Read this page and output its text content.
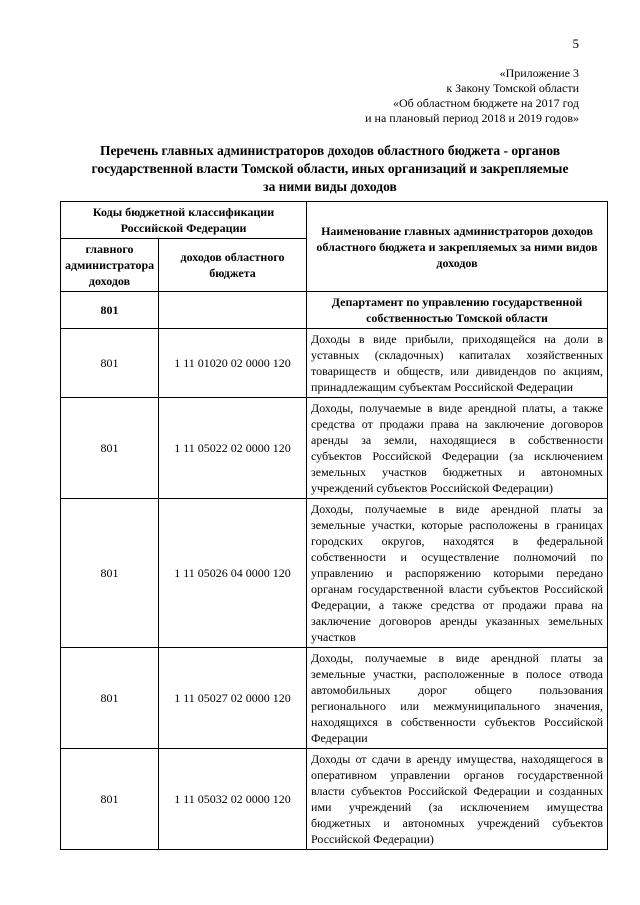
5
«Приложение 3
к Закону Томской области
«Об областном бюджете на 2017 год
и на плановый период 2018 и 2019 годов»
Перечень главных администраторов доходов областного бюджета - органов
государственной власти Томской области, иных организаций и закрепляемые
за ними виды доходов
Коды бюджетной классификации Российской Федерации		Наименование главных администраторов доходов областного бюджета и закрепляемых за ними видов доходов
главного администратора доходов	доходов областного бюджета	
801		Департамент по управлению государственной собственностью Томской области
801	1 11 01020 02 0000 120	Доходы в виде прибыли, приходящейся на доли в уставных (складочных) капиталах хозяйственных товариществ и обществ, или дивидендов по акциям, принадлежащим субъектам Российской Федерации
801	1 11 05022 02 0000 120	Доходы, получаемые в виде арендной платы, а также средства от продажи права на заключение договоров аренды за земли, находящиеся в собственности субъектов Российской Федерации (за исключением земельных участков бюджетных и автономных учреждений субъектов Российской Федерации)
801	1 11 05026 04 0000 120	Доходы, получаемые в виде арендной платы за земельные участки, которые расположены в границах городских округов, находятся в федеральной собственности и осуществление полномочий по управлению и распоряжению которыми передано органам государственной власти субъектов Российской Федерации, а также средства от продажи права на заключение договоров аренды указанных земельных участков
801	1 11 05027 02 0000 120	Доходы, получаемые в виде арендной платы за земельные участки, расположенные в полосе отвода автомобильных дорог общего пользования регионального или межмуниципального значения, находящихся в собственности субъектов Российской Федерации
801	1 11 05032 02 0000 120	Доходы от сдачи в аренду имущества, находящегося в оперативном управлении органов государственной власти субъектов Российской Федерации и созданных ими учреждений (за исключением имущества бюджетных и автономных учреждений субъектов Российской Федерации)
